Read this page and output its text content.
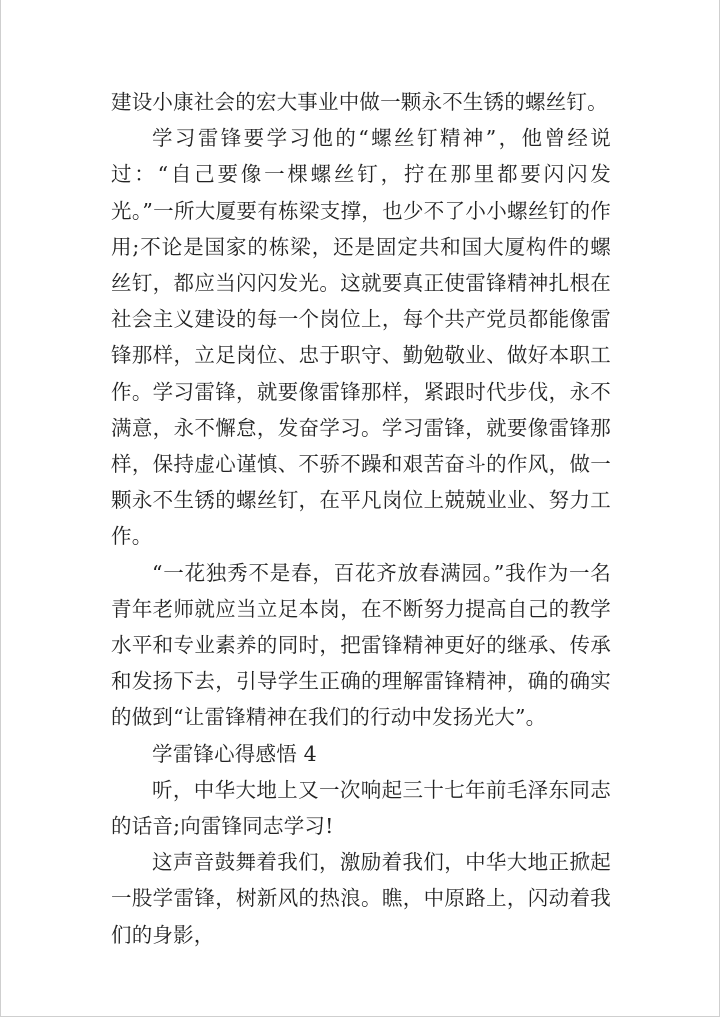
建设小康社会的宏大事业中做一颗永不生锈的螺丝钉。

学习雷锋要学习他的“螺丝钉精神”，他曾经说过：“自己要像一棵螺丝钉，拧在那里都要闪闪发光。”一所大厦要有栋梁支撑，也少不了小小螺丝钉的作用;不论是国家的栋梁，还是固定共和国大厦构件的螺丝钉，都应当闪闪发光。这就要真正使雷锋精神扎根在社会主义建设的每一个岗位上，每个共产党员都能像雷锋那样，立足岗位、忠于职守、勤勉敬业、做好本职工作。学习雷锋，就要像雷锋那样，紧跟时代步伐，永不满意，永不懈怠，发奋学习。学习雷锋，就要像雷锋那样，保持虚心谨慎、不骄不躁和艰苦奋斗的作风，做一颗永不生锈的螺丝钉，在平凡岗位上兢兢业业、努力工作。

“一花独秀不是春，百花齐放春满园。”我作为一名青年老师就应当立足本岗，在不断努力提高自己的教学水平和专业素养的同时，把雷锋精神更好的继承、传承和发扬下去，引导学生正确的理解雷锋精神，确的确实的做到“让雷锋精神在我们的行动中发扬光大”。

学雷锋心得感悟 4

听，中华大地上又一次响起三十七年前毛泽东同志的话音;向雷锋同志学习!

这声音鼓舞着我们，激励着我们，中华大地正掀起一股学雷锋，树新风的热浪。瞧，中原路上，闪动着我们的身影，
